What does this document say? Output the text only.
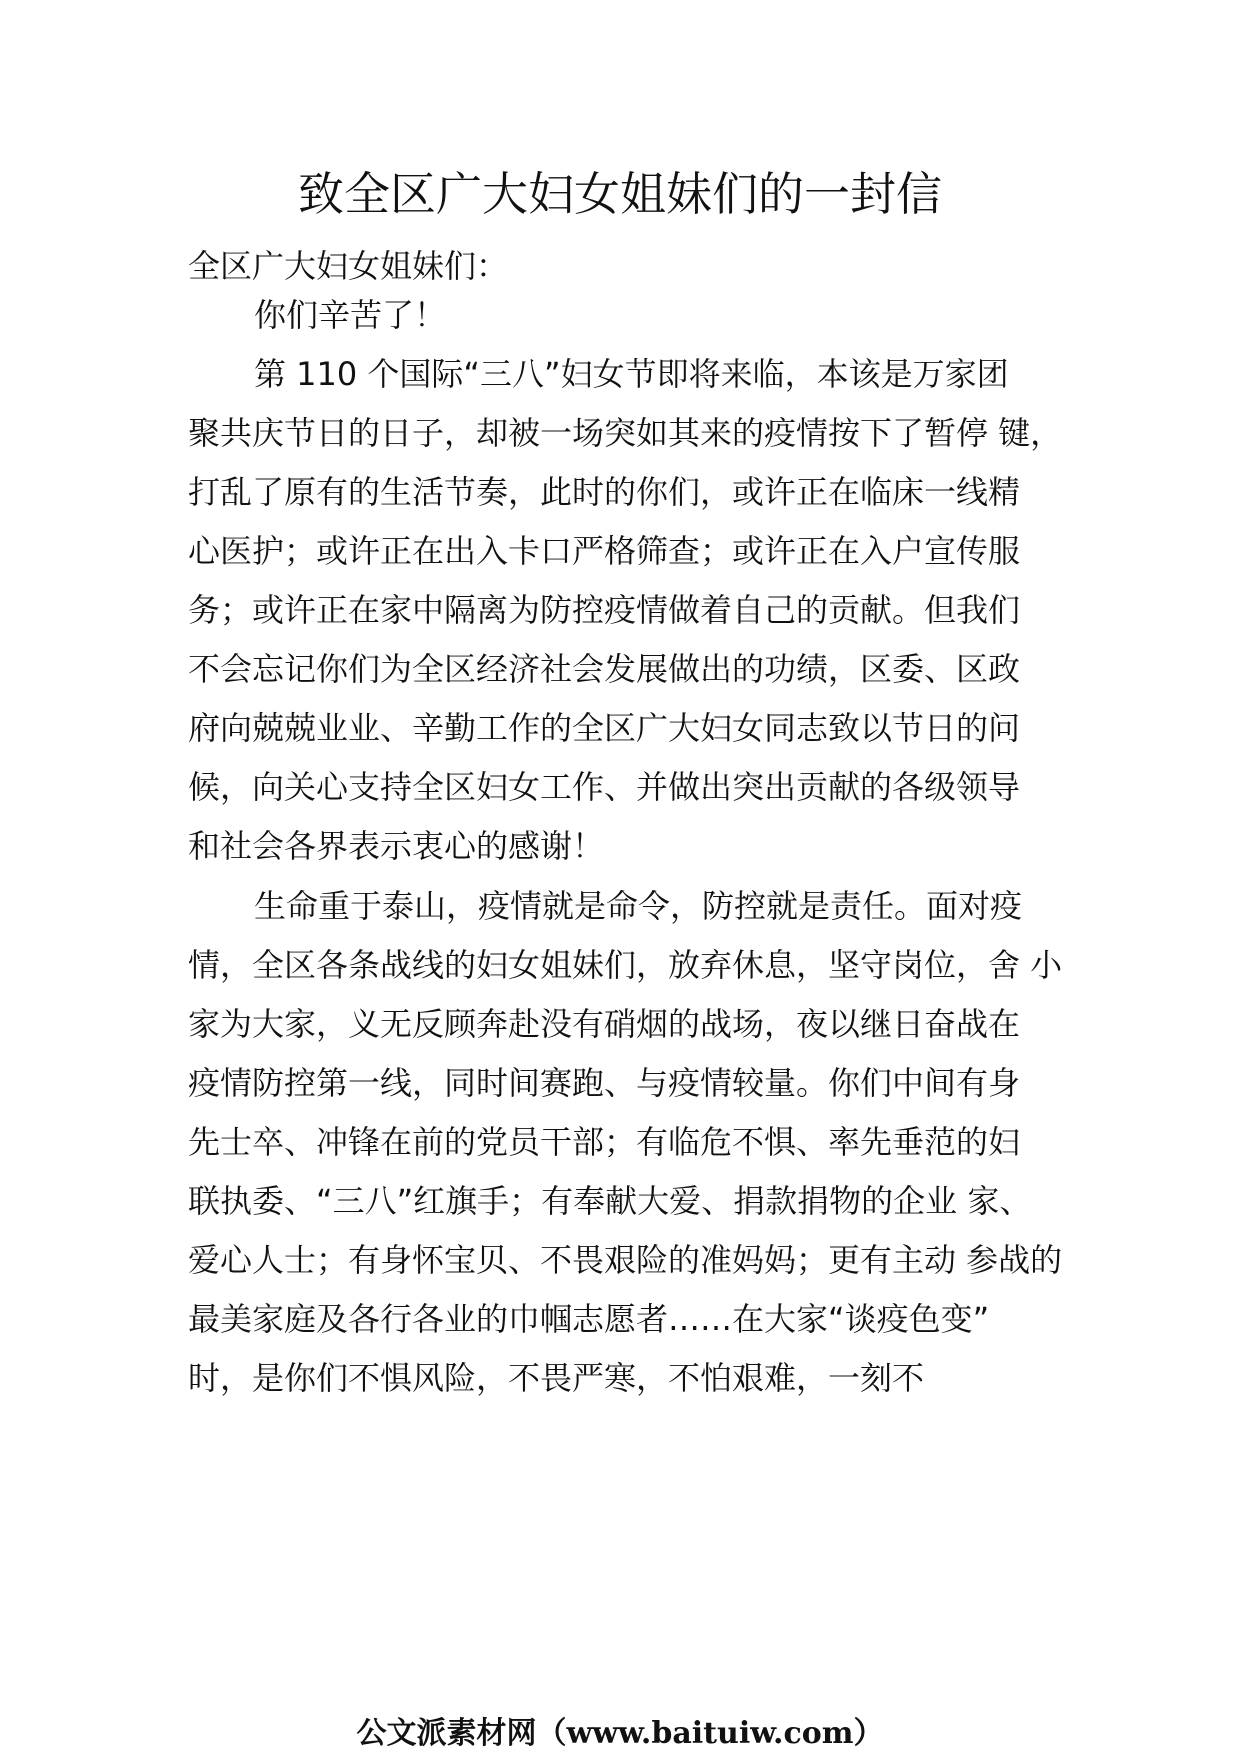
致全区广大妇女姐妹们的一封信

全区广大妇女姐妹们：

你们辛苦了！

第 110 个国际“三八”妇女节即将来临，本该是万家团

聚共庆节日的日子，却被一场突如其来的疫情按下了暂停 键，

打乱了原有的生活节奏，此时的你们，或许正在临床一线精

心医护；或许正在出入卡口严格筛查；或许正在入户宣传服

务；或许正在家中隔离为防控疫情做着自己的贡献。但我们

不会忘记你们为全区经济社会发展做出的功绩，区委、区政

府向兢兢业业、辛勤工作的全区广大妇女同志致以节日的问

候，向关心支持全区妇女工作、并做出突出贡献的各级领导

和社会各界表示衷心的感谢！

生命重于泰山，疫情就是命令，防控就是责任。面对疫

情，全区各条战线的妇女姐妹们，放弃休息，坚守岗位，舍 小

家为大家，义无反顾奔赴没有硝烟的战场，夜以继日奋战在

疫情防控第一线，同时间赛跑、与疫情较量。你们中间有身

先士卒、冲锋在前的党员干部；有临危不惧、率先垂范的妇

联执委、“三八”红旗手；有奉献大爱、捐款捐物的企业 家、

爱心人士；有身怀宝贝、不畏艰险的准妈妈；更有主动 参战的

最美家庭及各行各业的巾帼志愿者……在大家“谈疫色变”

时，是你们不惧风险，不畏严寒，不怕艰难，一刻不

公文派素材网（www.baituiw.com）
